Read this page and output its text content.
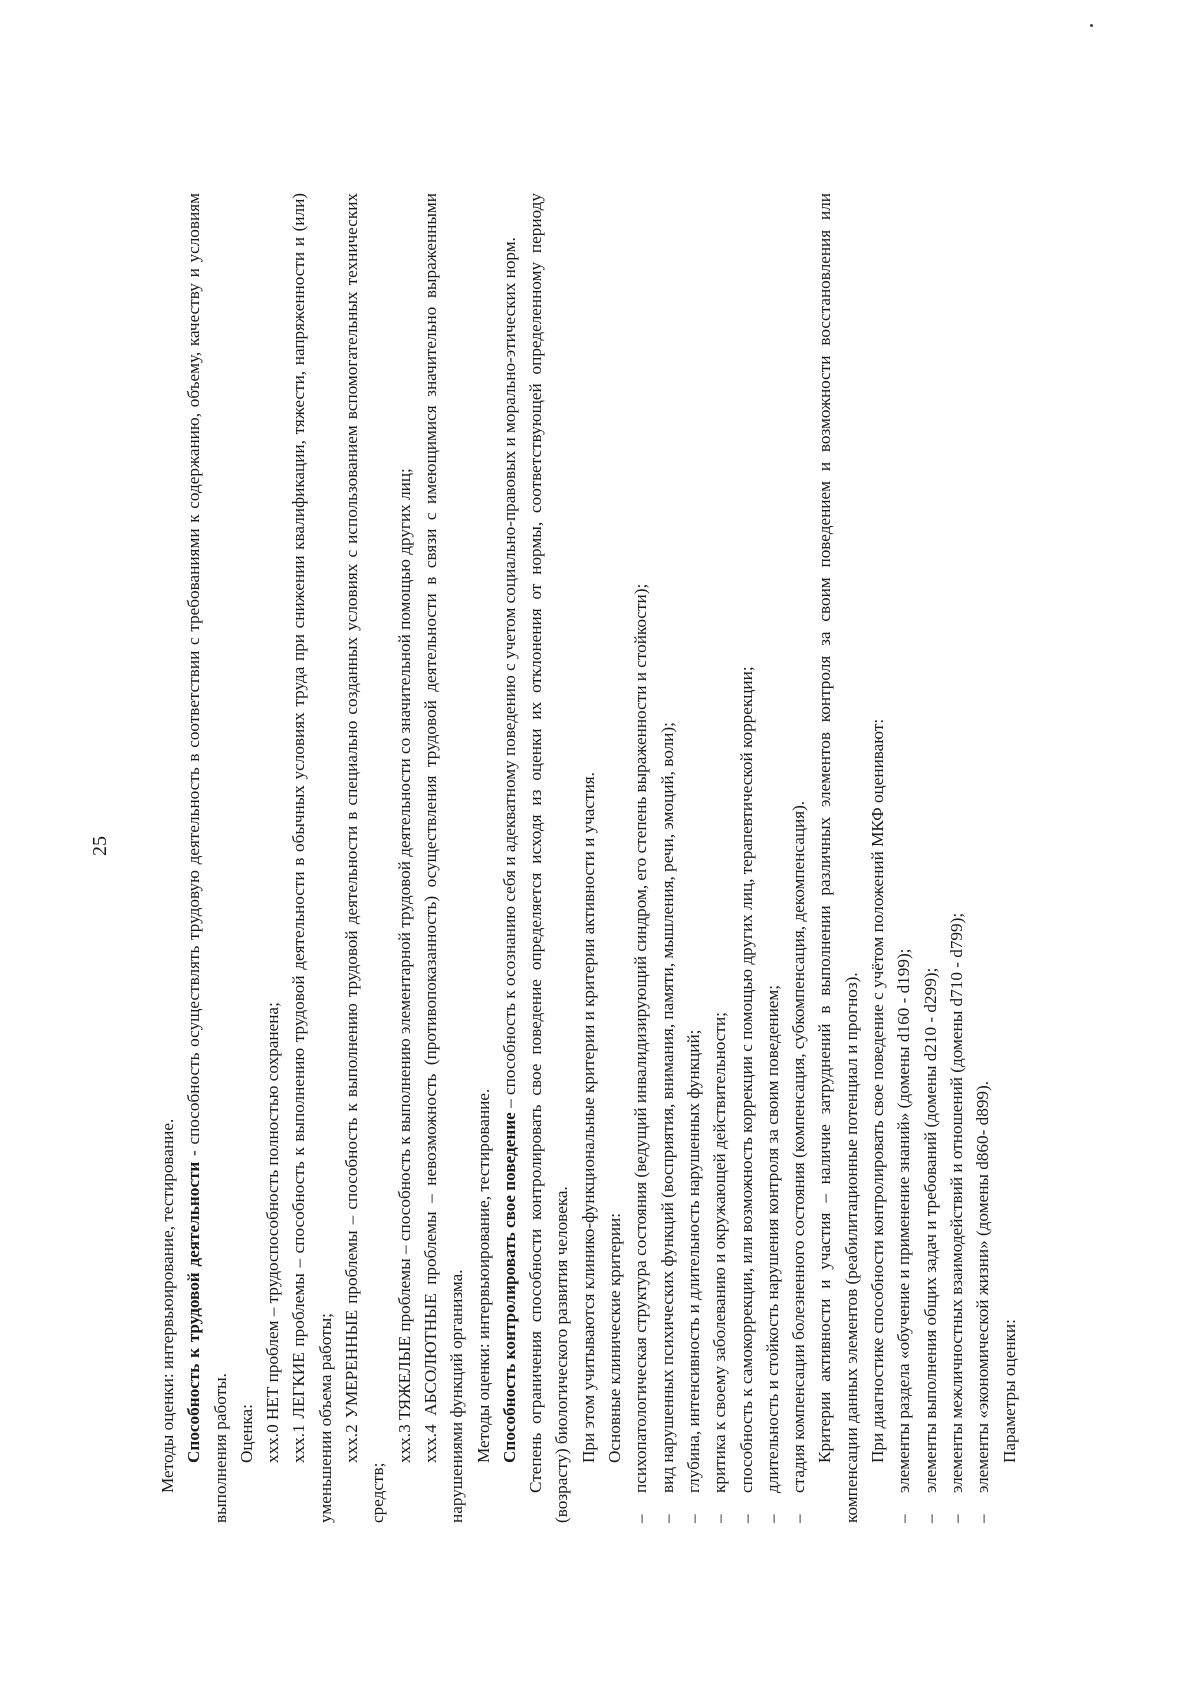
25

Методы оценки: интервьюирование, тестирование. Способность к трудовой деятельности - способность осуществлять трудовую деятельность в соответствии с требованиями к содержанию, объему, качеству и условиям выполнения работы. Оценка: xxx.0 НЕТ проблем – трудоспособность полностью сохранена; xxx.1 ЛЕГКИЕ проблемы – способность к выполнению трудовой деятельности в обычных условиях труда при снижении квалификации, тяжести, напряженности и (или) уменьшении объема работы; xxx.2 УМЕРЕННЫЕ проблемы – способность к выполнению трудовой деятельности в специально созданных условиях с использованием вспомогательных технических средств;

xxx.3 ТЯЖЕЛЫЕ проблемы – способность к выполнению элементарной трудовой деятельности со значительной помощью других лиц; xxx.4 АБСОЛЮТНЫЕ проблемы – невозможность (противопоказанность) осуществления трудовой деятельности в связи с имеющимися значительно выраженными нарушениями функций организма. Методы оценки: интервьюирование, тестирование. Способность контролировать свое поведение – способность к осознанию себя и адекватному поведению с учетом социально-правовых и морально-этических норм. Степень ограничения способности контролировать свое поведение определяется исходя из оценки их отклонения от нормы, соответствующей определенному периоду (возрасту) биологического развития человека. При этом учитываются клинико-функциональные критерии и критерии активности и участия. Основные клинические критерии:

–психопатологическая структура состояния (ведущий инвалидизирующий синдром, его степень выраженности и стойкости);

–вид нарушенных психических функций (восприятия, внимания, памяти, мышления, речи, эмоций, воли);

–глубина, интенсивность и длительность нарушенных функций;

–критика к своему заболеванию и окружающей действительности;

–способность к самокоррекции, или возможность коррекции с помощью других лиц, терапевтической коррекции;

–длительность и стойкость нарушения контроля за своим поведением;

–стадия компенсации болезненного состояния (компенсация, субкомпенсация, декомпенсация). Критерии активности и участия – наличие затруднений в выполнении различных элементов контроля за своим поведением и возможности восстановления или компенсации данных элементов (реабилитационные потенциал и прогноз). При диагностике способности контролировать свое поведение с учётом положений МКФ оценивают:

–элементы раздела «обучение и применение знаний» (домены d160 - d199);

–элементы выполнения общих задач и требований (домены d210 - d299);

–элементы межличностных взаимодействий и отношений (домены d710 - d799);

–элементы «экономической жизни» (домены d860- d899). Параметры оценки:
